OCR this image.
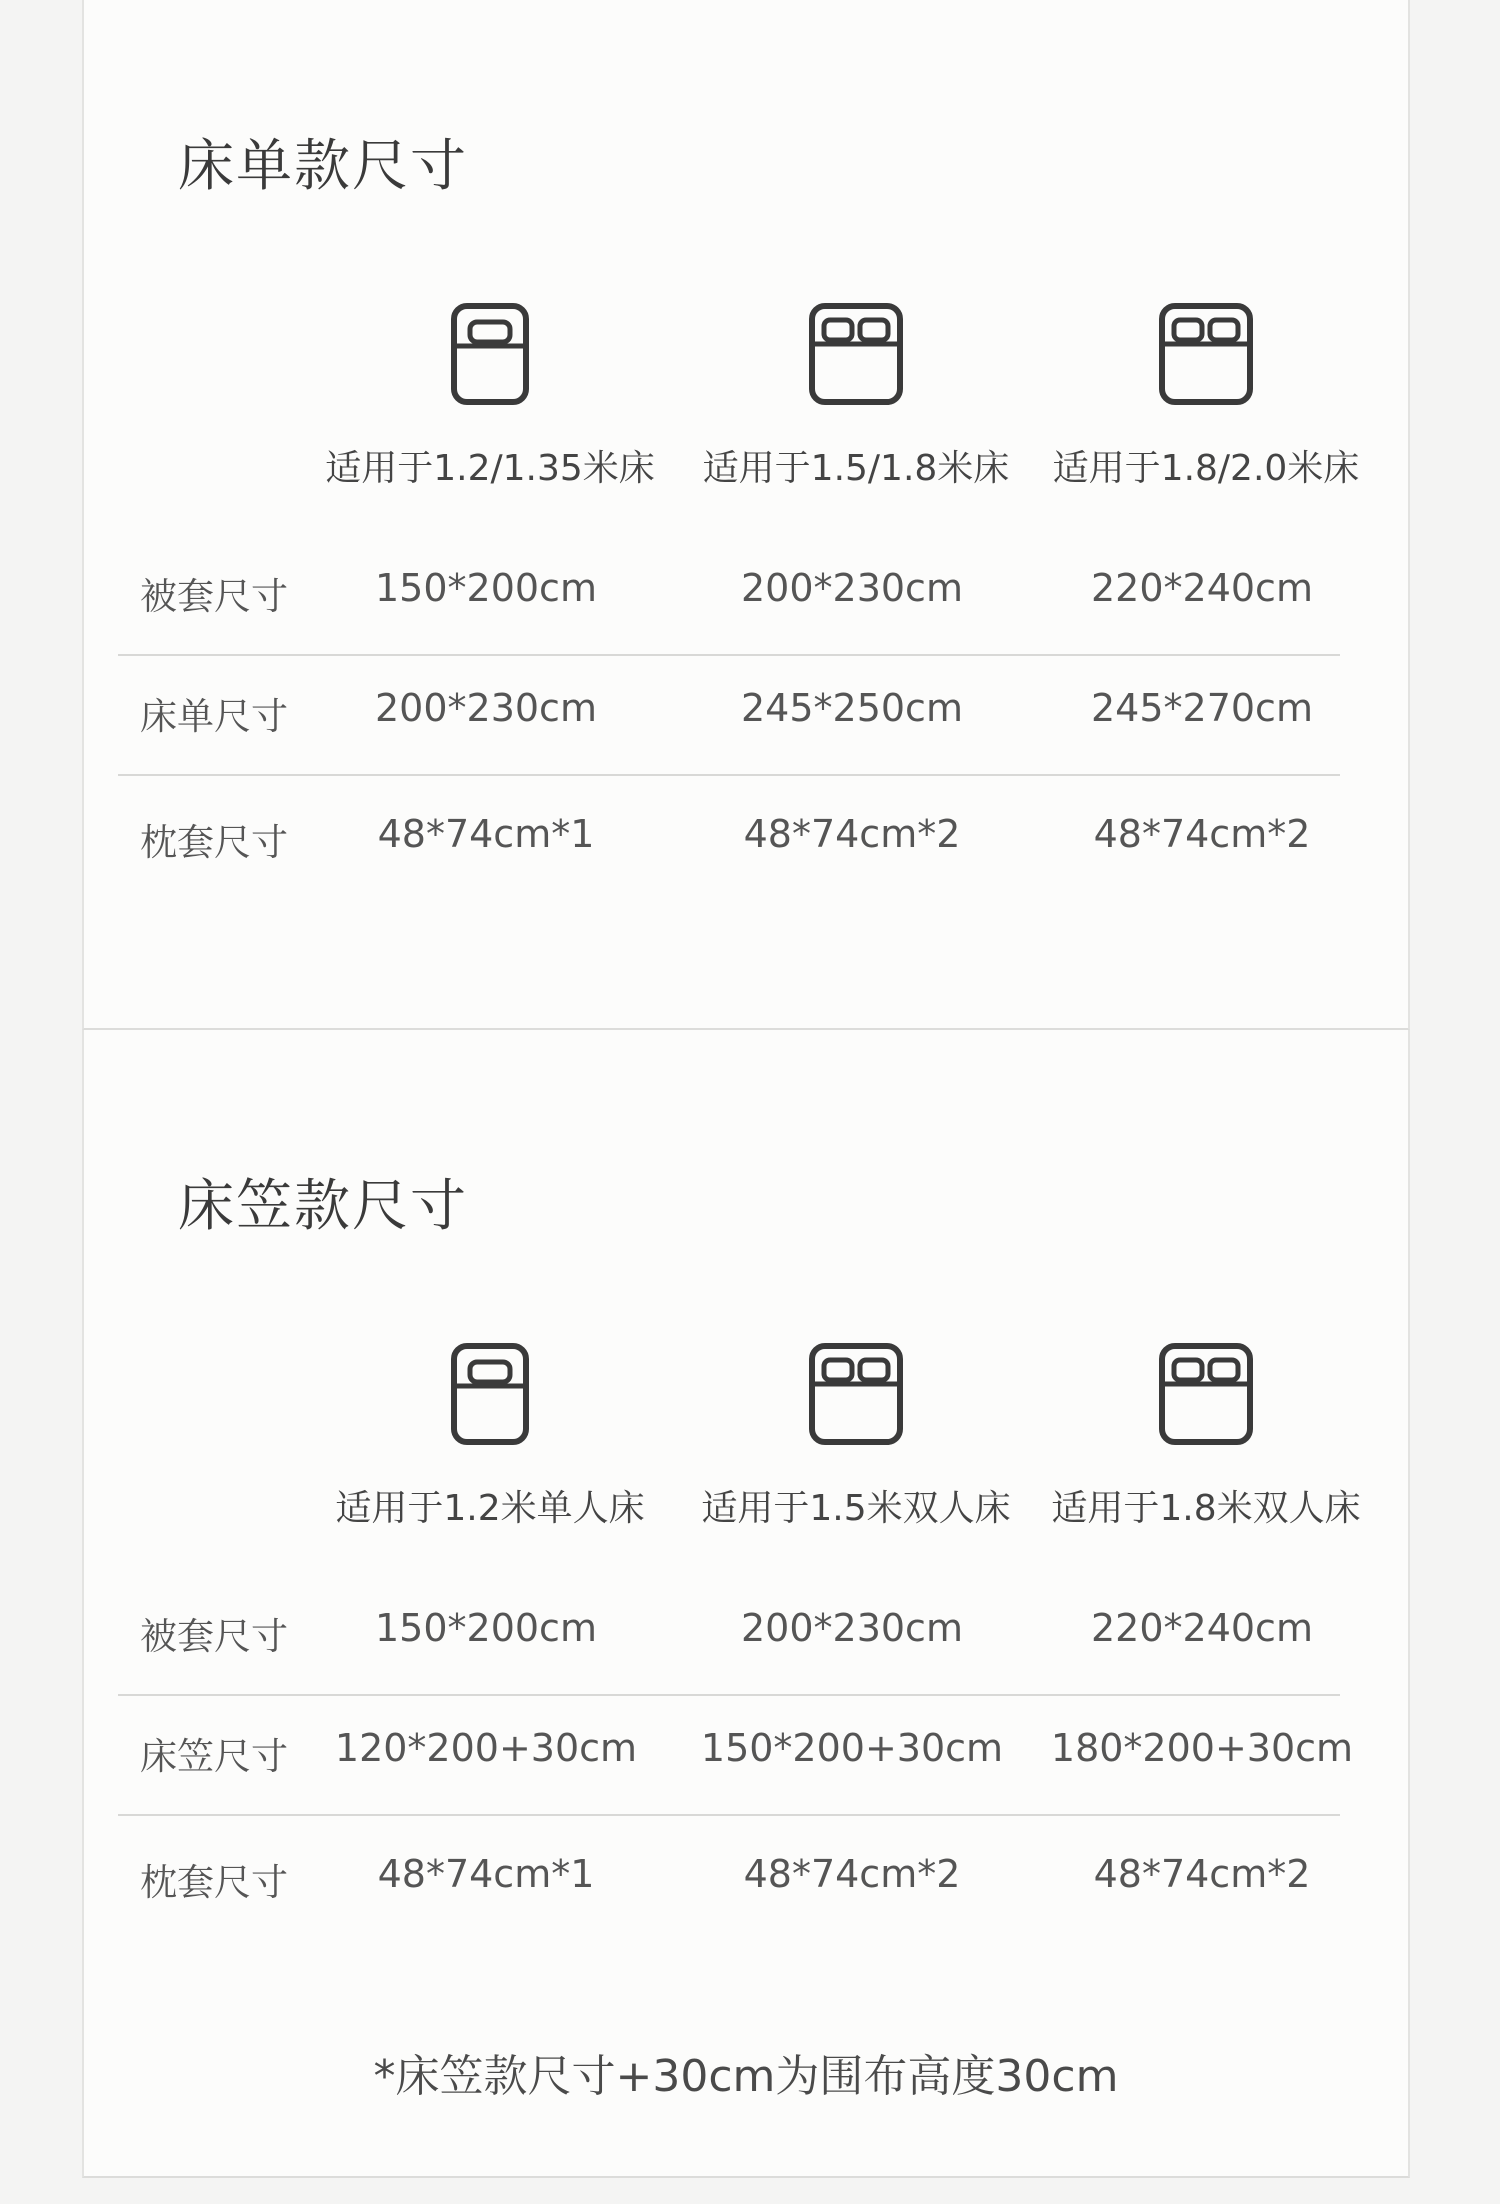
床单款尺寸
适用于1.2/1.35米床	适用于1.5/1.8米床	适用于1.8/2.0米床
被套尺寸	150*200cm	200*230cm	220*240cm
床单尺寸	200*230cm	245*250cm	245*270cm
枕套尺寸	48*74cm*1	48*74cm*2	48*74cm*2
床笠款尺寸
适用于1.2米单人床	适用于1.5米双人床	适用于1.8米双人床
被套尺寸	150*200cm	200*230cm	220*240cm
床笠尺寸	120*200+30cm	150*200+30cm	180*200+30cm
枕套尺寸	48*74cm*1	48*74cm*2	48*74cm*2
*床笠款尺寸+30cm为围布高度30cm
